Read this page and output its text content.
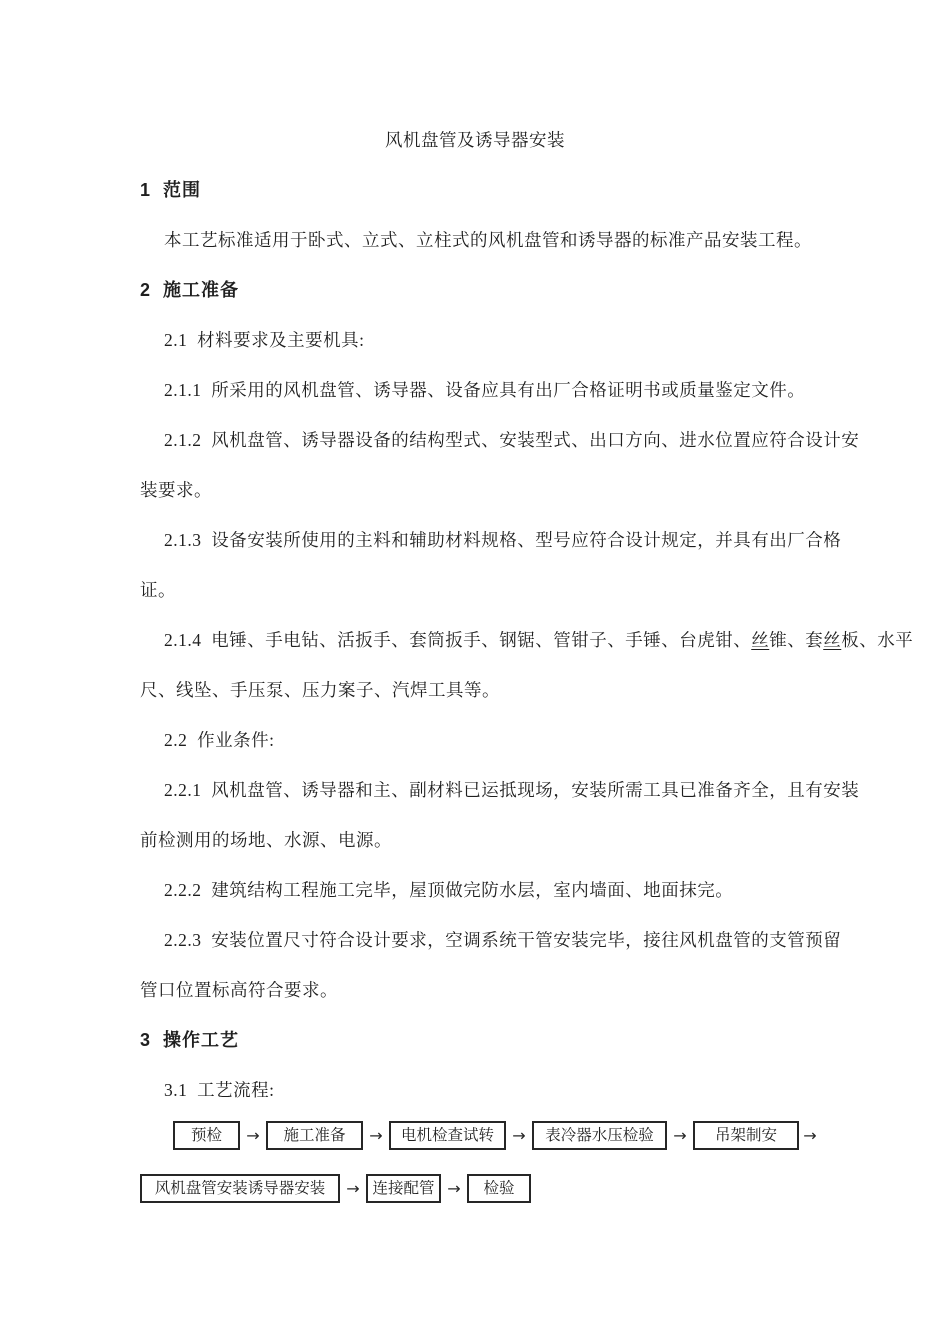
风机盘管及诱导器安装
1  范围
本工艺标准适用于卧式、立式、立柱式的风机盘管和诱导器的标准产品安装工程。
2  施工准备
2.1  材料要求及主要机具:
2.1.1  所采用的风机盘管、诱导器、设备应具有出厂合格证明书或质量鉴定文件。
2.1.2  风机盘管、诱导器设备的结构型式、安装型式、出口方向、进水位置应符合设计安
装要求。
2.1.3  设备安装所使用的主料和辅助材料规格、型号应符合设计规定，并具有出厂合格
证。
2.1.4  电锤、手电钻、活扳手、套筒扳手、钢锯、管钳子、手锤、台虎钳、丝锥、套丝板、水平
尺、线坠、手压泵、压力案子、汽焊工具等。
2.2  作业条件:
2.2.1  风机盘管、诱导器和主、副材料已运抵现场，安装所需工具已准备齐全，且有安装
前检测用的场地、水源、电源。
2.2.2  建筑结构工程施工完毕，屋顶做完防水层，室内墙面、地面抹完。
2.2.3  安装位置尺寸符合设计要求，空调系统干管安装完毕，接往风机盘管的支管预留
管口位置标高符合要求。
3  操作工艺
3.1  工艺流程:
预检	→	施工准备	→	电机检查试转	→	表冷器水压检验	→	吊架制安	→
风机盘管安装诱导器安装	→ 连接配管 →	检验
